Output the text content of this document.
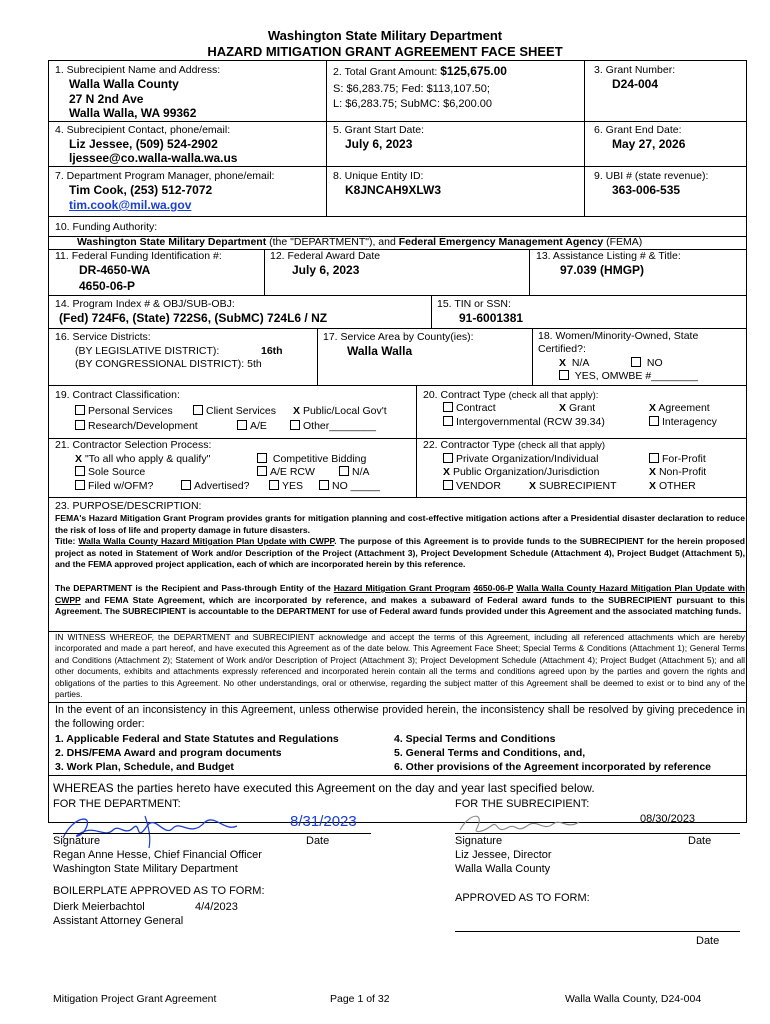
Washington State Military Department
HAZARD MITIGATION GRANT AGREEMENT FACE SHEET
1. Subrecipient Name and Address:
Walla Walla County
27 N 2nd Ave
Walla Walla, WA 99362
2. Total Grant Amount: $125,675.00
S: $6,283.75; Fed: $113,107.50;
L: $6,283.75; SubMC: $6,200.00
3. Grant Number:
D24-004
4. Subrecipient Contact, phone/email:
Liz Jessee, (509) 524-2902
ljessee@co.walla-walla.wa.us
5. Grant Start Date:
July 6, 2023
6. Grant End Date:
May 27, 2026
7. Department Program Manager, phone/email:
Tim Cook, (253) 512-7072
tim.cook@mil.wa.gov
8. Unique Entity ID:
K8JNCAH9XLW3
9. UBI # (state revenue):
363-006-535
10. Funding Authority:
Washington State Military Department (the "DEPARTMENT"), and Federal Emergency Management Agency (FEMA)
11. Federal Funding Identification #:
DR-4650-WA
4650-06-P
12. Federal Award Date
July 6, 2023
13. Assistance Listing # & Title:
97.039 (HMGP)
14. Program Index # & OBJ/SUB-OBJ:
(Fed) 724F6, (State) 722S6, (SubMC) 724L6 / NZ
15. TIN or SSN:
91-6001381
16. Service Districts:
(BY LEGISLATIVE DISTRICT):	16th
(BY CONGRESSIONAL DISTRICT): 5th
17. Service Area by County(ies):
Walla Walla
18. Women/Minority-Owned, State
Certified?:
X N/A	NO
YES, OMWBE #________
19. Contract Classification:
Personal Services	Client Services X Public/Local Gov't
Research/Development	A/E	Other________
20. Contract Type (check all that apply):
Contract	X Grant	X Agreement
Intergovernmental (RCW 39.34)	Interagency
21. Contractor Selection Process:
X "To all who apply & qualify"	Competitive Bidding
Sole Source	A/E RCW	N/A
Filed w/OFM?	Advertised?	YES	NO _____
22. Contractor Type (check all that apply)
Private Organization/Individual	For-Profit
X Public Organization/Jurisdiction	X Non-Profit
VENDOR	X SUBRECIPIENT	X OTHER
23. PURPOSE/DESCRIPTION:
FEMA's Hazard Mitigation Grant Program provides grants for mitigation planning and cost-effective mitigation actions after a Presidential disaster declaration to reduce the risk of loss of life and property damage in future disasters.
Title: Walla Walla County Hazard Mitigation Plan Update with CWPP. The purpose of this Agreement is to provide funds to the SUBRECIPIENT for the herein proposed project as noted in Statement of Work and/or Description of the Project (Attachment 3), Project Development Schedule (Attachment 4), Project Budget (Attachment 5), and the FEMA approved project application, each of which are incorporated herein by this reference.
The DEPARTMENT is the Recipient and Pass-through Entity of the Hazard Mitigation Grant Program 4650-06-P Walla Walla County Hazard Mitigation Plan Update with CWPP and FEMA State Agreement, which are incorporated by reference, and makes a subaward of Federal award funds to the SUBRECIPIENT pursuant to this Agreement. The SUBRECIPIENT is accountable to the DEPARTMENT for use of Federal award funds provided under this Agreement and the associated matching funds.
IN WITNESS WHEREOF, the DEPARTMENT and SUBRECIPIENT acknowledge and accept the terms of this Agreement, including all referenced attachments which are hereby incorporated and made a part hereof, and have executed this Agreement as of the date below. This Agreement Face Sheet; Special Terms & Conditions (Attachment 1); General Terms and Conditions (Attachment 2); Statement of Work and/or Description of Project (Attachment 3); Project Development Schedule (Attachment 4); Project Budget (Attachment 5); and all other documents, exhibits and attachments expressly referenced and incorporated herein contain all the terms and conditions agreed upon by the parties and govern the rights and obligations of the parties to this Agreement. No other understandings, oral or otherwise, regarding the subject matter of this Agreement shall be deemed to exist or to bind any of the parties.
In the event of an inconsistency in this Agreement, unless otherwise provided herein, the inconsistency shall be resolved by giving precedence in the following order:
1. Applicable Federal and State Statutes and Regulations
2. DHS/FEMA Award and program documents
3. Work Plan, Schedule, and Budget
4. Special Terms and Conditions
5. General Terms and Conditions, and,
6. Other provisions of the Agreement incorporated by reference
WHEREAS the parties hereto have executed this Agreement on the day and year last specified below.
FOR THE DEPARTMENT:	FOR THE SUBRECIPIENT:
8/31/2023
Signature	Date
Regan Anne Hesse, Chief Financial Officer
Washington State Military Department
08/30/2023
Signature	Date
Liz Jessee, Director
Walla Walla County
BOILERPLATE APPROVED AS TO FORM:
Dierk Meierbachtol	4/4/2023
Assistant Attorney General
APPROVED AS TO FORM:
Date
Mitigation Project Grant Agreement	Page 1 of 32	Walla Walla County, D24-004
